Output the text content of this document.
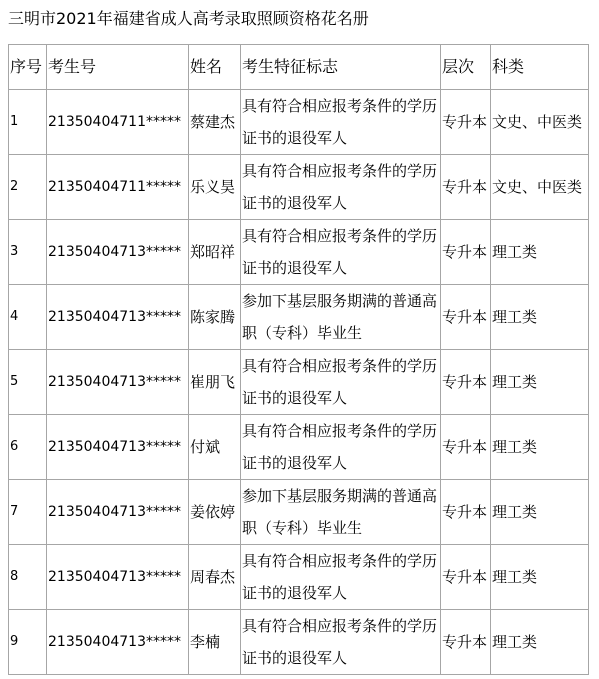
三明市2021年福建省成人高考录取照顾资格花名册
序号	考生号	姓名	考生特征标志	层次	科类
1	21350404711*****	蔡建杰	具有符合相应报考条件的学历证书的退役军人	专升本	文史、中医类
2	21350404711*****	乐义昊	具有符合相应报考条件的学历证书的退役军人	专升本	文史、中医类
3	21350404713*****	郑昭祥	具有符合相应报考条件的学历证书的退役军人	专升本	理工类
4	21350404713*****	陈家腾	参加下基层服务期满的普通高职（专科）毕业生	专升本	理工类
5	21350404713*****	崔朋飞	具有符合相应报考条件的学历证书的退役军人	专升本	理工类
6	21350404713*****	付斌	具有符合相应报考条件的学历证书的退役军人	专升本	理工类
7	21350404713*****	姜依婷	参加下基层服务期满的普通高职（专科）毕业生	专升本	理工类
8	21350404713*****	周春杰	具有符合相应报考条件的学历证书的退役军人	专升本	理工类
9	21350404713*****	李楠	具有符合相应报考条件的学历证书的退役军人	专升本	理工类
